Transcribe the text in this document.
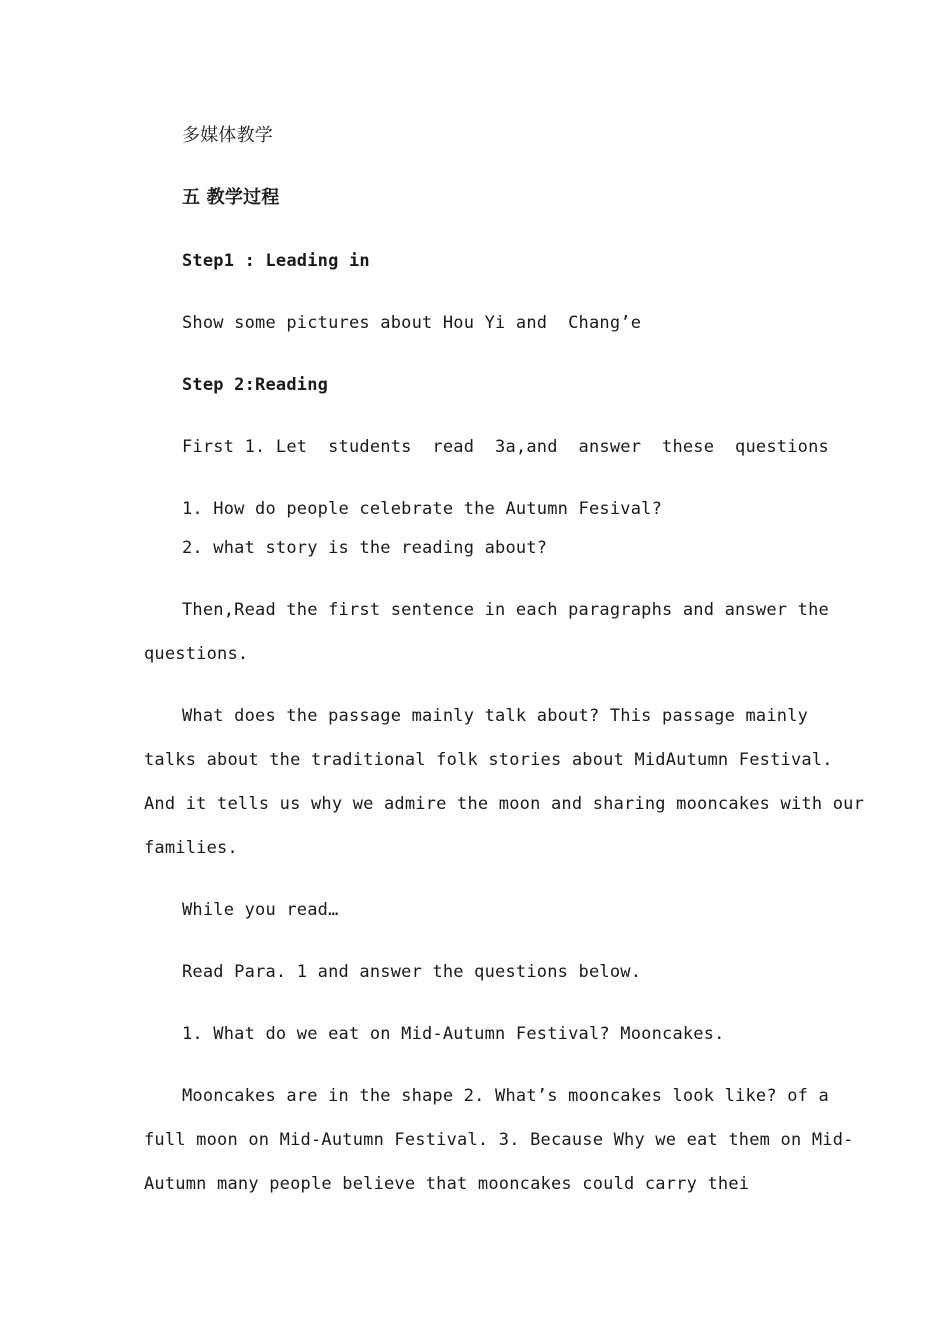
多媒体教学
五 教学过程
Step1 : Leading in
Show some pictures about Hou Yi and  Chang’e
Step 2:Reading
First 1. Let  students  read  3a,and  answer  these  questions
1. How do people celebrate the Autumn Fesival?
2. what story is the reading about?
Then,Read the first sentence in each paragraphs and answer the
questions.
What does the passage mainly talk about? This passage mainly
talks about the traditional folk stories about MidAutumn Festival.
And it tells us why we admire the moon and sharing mooncakes with our
families.
While you read…
Read Para. 1 and answer the questions below.
1. What do we eat on Mid-Autumn Festival? Mooncakes.
Mooncakes are in the shape 2. What’s mooncakes look like? of a
full moon on Mid-Autumn Festival. 3. Because Why we eat them on Mid-
Autumn many people believe that mooncakes could carry thei
